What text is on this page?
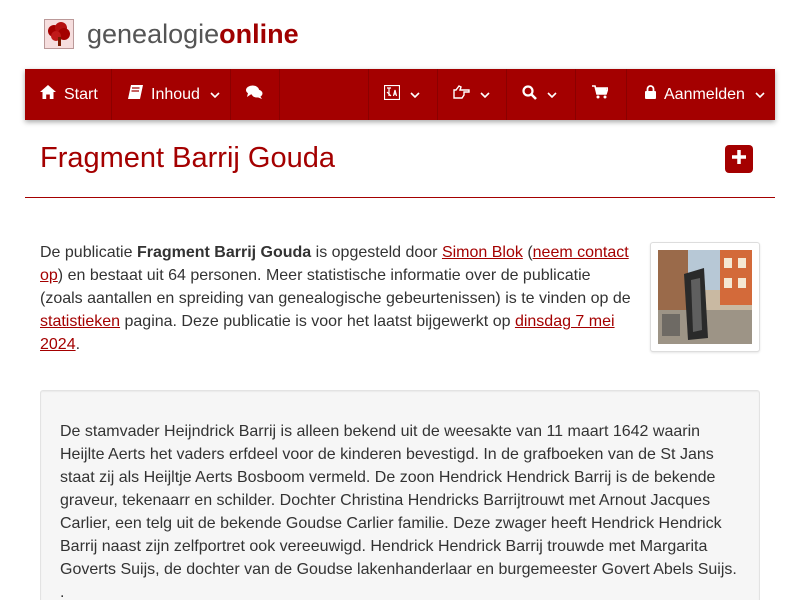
genealogieonline
Start	Inhoud	Aanmelden
Fragment Barrij Gouda

De publicatie Fragment Barrij Gouda is opgesteld door Simon Blok (neem contact op) en bestaat uit 64 personen. Meer statistische informatie over de publicatie (zoals aantallen en spreiding van genealogische gebeurtenissen) is te vinden op de statistieken pagina. Deze publicatie is voor het laatst bijgewerkt op dinsdag 7 mei 2024.

De stamvader Heijndrick Barrij is alleen bekend uit de weesakte van 11 maart 1642 waarin Heijlte Aerts het vaders erfdeel voor de kinderen bevestigd. In de grafboeken van de St Jans staat zij als Heijltje Aerts Bosboom vermeld. De zoon Hendrick Hendrick Barrij is de bekende graveur, tekenaarr en schilder. Dochter Christina Hendricks Barrijtrouwt met Arnout Jacques Carlier, een telg uit de bekende Goudse Carlier familie. Deze zwager heeft Hendrick Hendrick Barrij naast zijn zelfportret ook vereeuwigd. Hendrick Hendrick Barrij trouwde met Margarita Goverts Suijs, de dochter van de Goudse lakenhanderlaar en burgemeester Govert Abels Suijs. .
